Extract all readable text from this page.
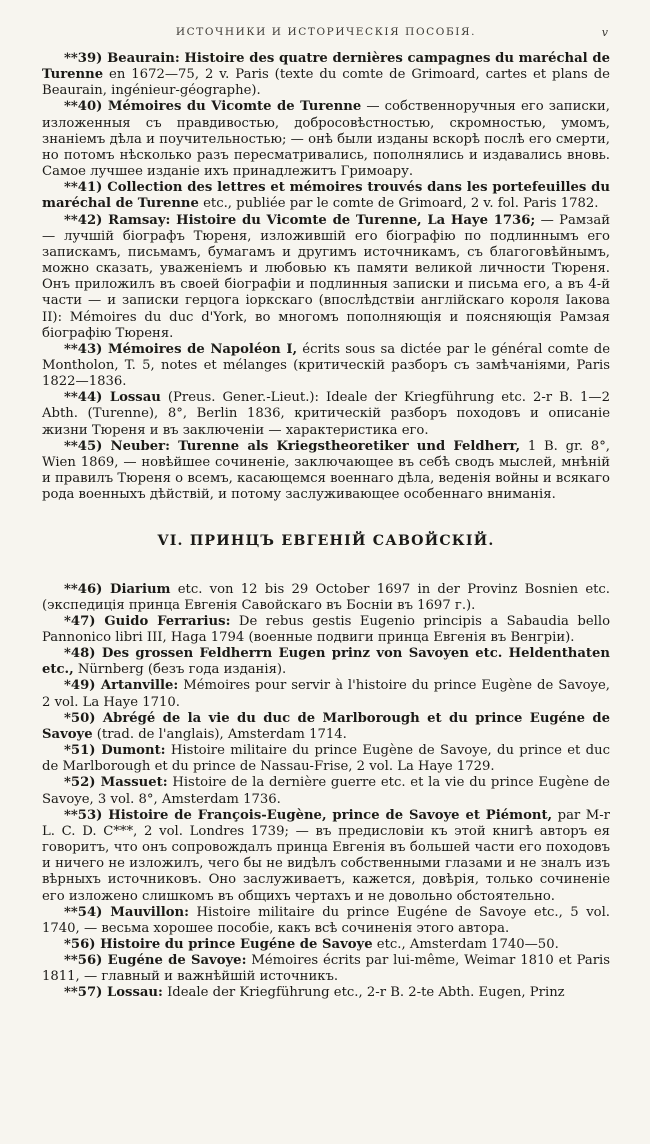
ИСТОЧНИКИ И ИСТОРИЧЕСКІЯ ПОСОБІЯ.	v

**39) Beaurain: Histoire des quatre dernières campagnes du maréchal de Turenne en 1672—75, 2 v. Paris (texte du comte de Grimoard, cartes et plans de Beaurain, ingénieur-géographe).

**40) Mémoires du Vicomte de Turenne — собственноручныя его записки, изложенныя съ правдивостью, добросовѣстностью, скромностью, умомъ, знаніемъ дѣла и поучительностью; — онѣ были изданы вскорѣ послѣ его смерти, но потомъ нѣсколько разъ пересматривались, пополнялись и издавались вновь. Самое лучшее изданіе ихъ принадлежитъ Гримоару.

**41) Collection des lettres et mémoires trouvés dans les portefeuilles du maréchal de Turenne etc., publiée par le comte de Grimoard, 2 v. fol. Paris 1782.

**42) Ramsay: Histoire du Vicomte de Turenne, La Haye 1736; — Рамзай — лучшій біографъ Тюреня, изложившій его біографію по подлиннымъ его запискамъ, письмамъ, бумагамъ и другимъ источникамъ, съ благоговѣйнымъ, можно сказать, уваженіемъ и любовью къ памяти великой личности Тюреня. Онъ приложилъ въ своей біографіи и подлинныя записки и письма его, а въ 4-й части — и записки герцога іоркскаго (впослѣдствіи англійскаго короля Іакова II): Mémoires du duc d'York, во многомъ пополняющія и поясняющія Рамзая біографію Тюреня.

**43) Mémoires de Napoléon I, écrits sous sa dictée par le général comte de Montholon, T. 5, notes et mélanges (критическій разборъ съ замѣчаніями, Paris 1822—1836.

**44) Lossau (Preus. Gener.-Lieut.): Ideale der Kriegführung etc. 2-r B. 1—2 Abth. (Turenne), 8°, Berlin 1836, критическій разборъ походовъ и описаніе жизни Тюреня и въ заключеніи — характеристика его.

**45) Neuber: Turenne als Kriegstheoretiker und Feldherr, 1 B. gr. 8°, Wien 1869, — новѣйшее сочиненіе, заключающее въ себѣ сводъ мыслей, мнѣній и правилъ Тюреня о всемъ, касающемся военнаго дѣла, веденія войны и всякаго рода военныхъ дѣйствій, и потому заслуживающее особеннаго вниманія.

VI. ПРИНЦЪ ЕВГЕНІЙ САВОЙСКІЙ.

**46) Diarium etc. von 12 bis 29 October 1697 in der Provinz Bosnien etc. (экспедиція принца Евгенія Савойскаго въ Босніи въ 1697 г.).

*47) Guido Ferrarius: De rebus gestis Eugenio principis a Sabaudia bello Pannonico libri III, Haga 1794 (военные подвиги принца Евгенія въ Венгріи).

*48) Des grossen Feldherrn Eugen prinz von Savoyen etc. Heldenthaten etc., Nürnberg (безъ года изданія).

*49) Artanville: Mémoires pour servir à l'histoire du prince Eugène de Savoye, 2 vol. La Haye 1710.

*50) Abrégé de la vie du duc de Marlborough et du prince Eugéne de Savoye (trad. de l'anglais), Amsterdam 1714.

*51) Dumont: Histoire militaire du prince Eugène de Savoye, du prince et duc de Marlborough et du prince de Nassau-Frise, 2 vol. La Haye 1729.

*52) Massuet: Histoire de la dernière guerre etc. et la vie du prince Eugène de Savoye, 3 vol. 8°, Amsterdam 1736.

**53) Histoire de François-Eugène, prince de Savoye et Piémont, par M-r L. C. D. C***, 2 vol. Londres 1739; — въ предисловіи къ этой книгѣ авторъ ея говоритъ, что онъ сопровождалъ принца Евгенія въ большей части его походовъ и ничего не изложилъ, чего бы не видѣлъ собственными глазами и не зналъ изъ вѣрныхъ источниковъ. Оно заслуживаетъ, кажется, довѣрія, только сочиненіе его изложено слишкомъ въ общихъ чертахъ и не довольно обстоятельно.

**54) Mauvillon: Histoire militaire du prince Eugéne de Savoye etc., 5 vol. 1740, — весьма хорошее пособіе, какъ всѣ сочиненія этого автора.

*56) Histoire du prince Eugéne de Savoye etc., Amsterdam 1740—50.

**56) Eugéne de Savoye: Mémoires écrits par lui-même, Weimar 1810 et Paris 1811, — главный и важнѣйшій источникъ.

**57) Lossau: Ideale der Kriegführung etc., 2-r B. 2-te Abth. Eugen, Prinz
